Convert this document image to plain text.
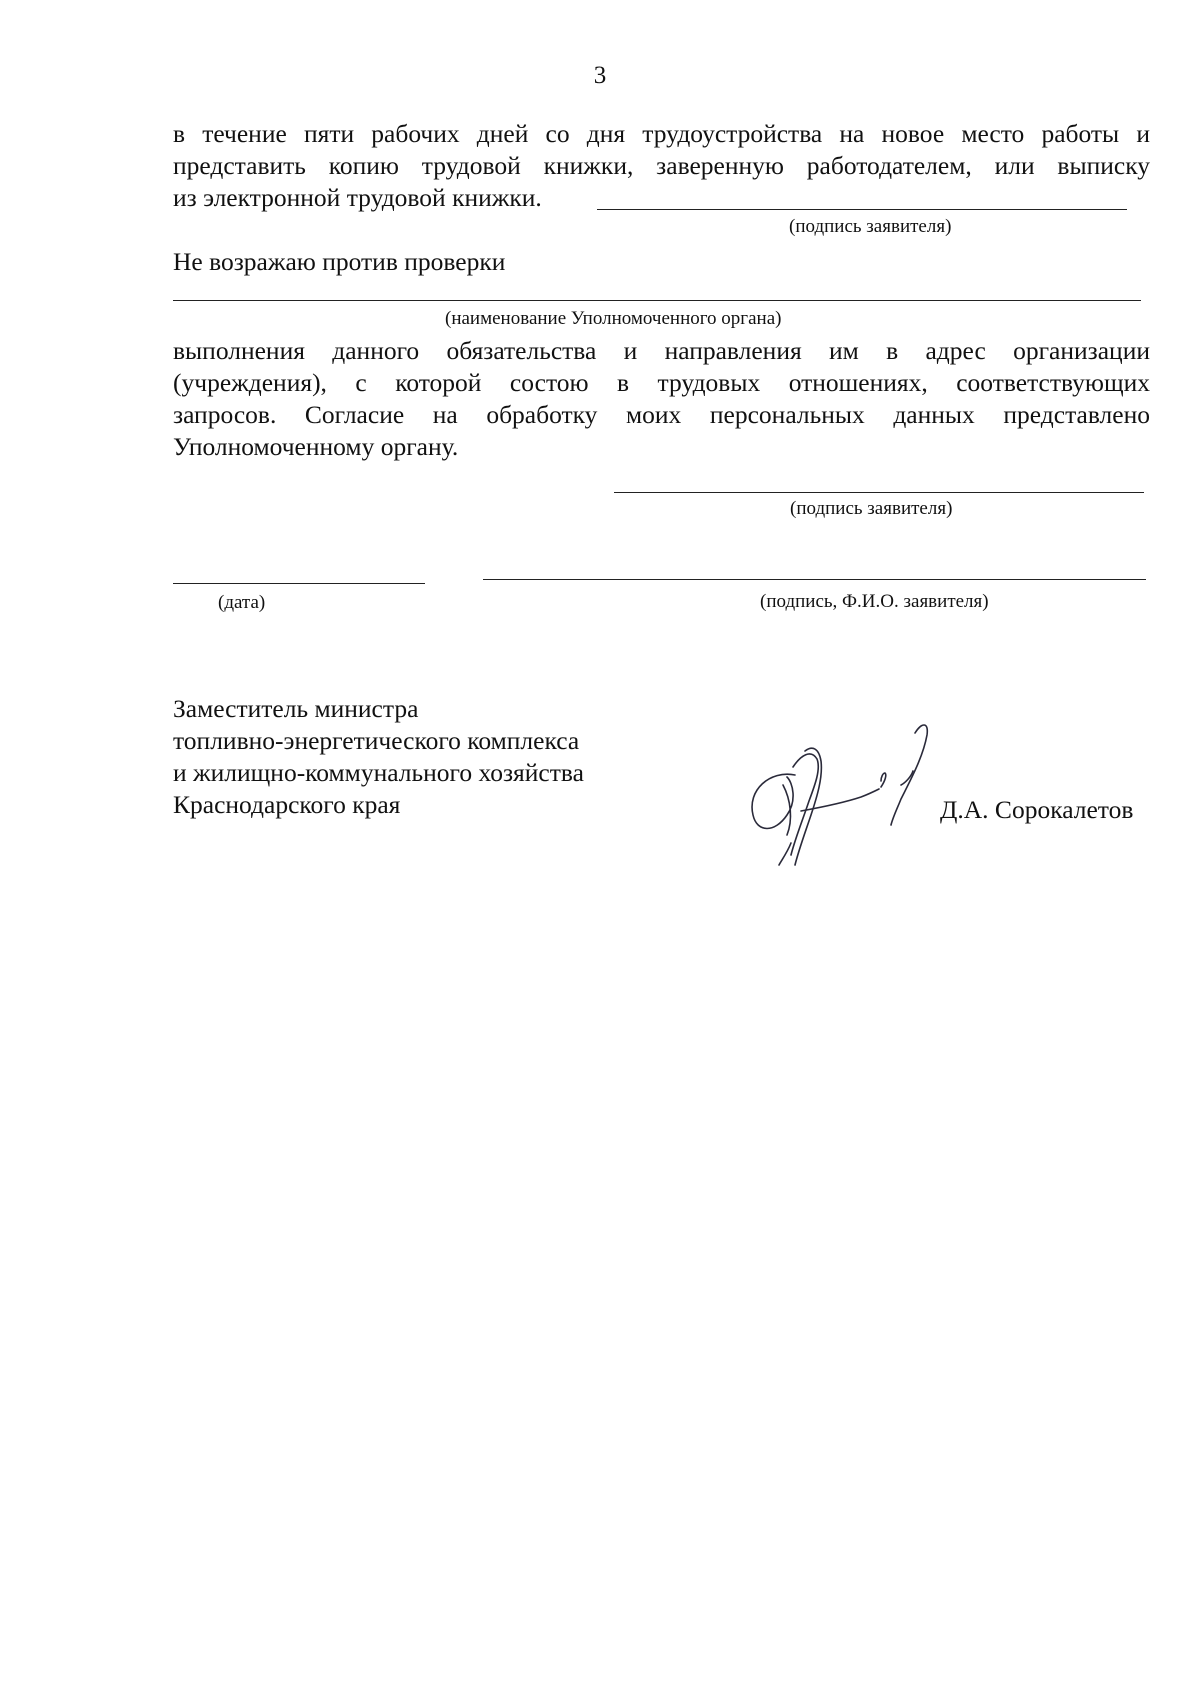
3
в течение пяти рабочих дней со дня трудоустройства на новое место работы и
представить копию трудовой книжки, заверенную работодателем, или выписку
из электронной трудовой книжки.
(подпись заявителя)
Не возражаю против проверки
(наименование Уполномоченного органа)
выполнения данного обязательства и направления им в адрес организации
(учреждения), с которой состою в трудовых отношениях, соответствующих
запросов. Согласие на обработку моих персональных данных представлено
Уполномоченному органу.
(подпись заявителя)
(дата)	(подпись, Ф.И.О. заявителя)
Заместитель министра
топливно-энергетического комплекса
и жилищно-коммунального хозяйства
Краснодарского края	Д.А. Сорокалетов
